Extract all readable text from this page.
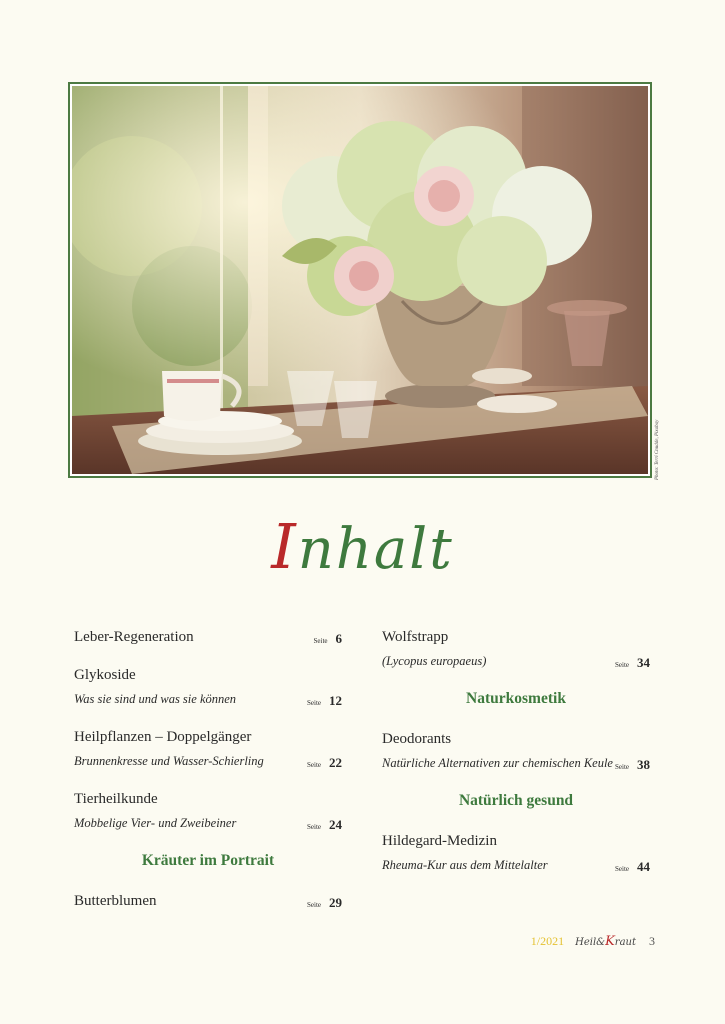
Photo: Terri Cnudde, Pixabay
Inhalt
Leber-Regeneration	Seite 6
Glykoside
Was sie sind und was sie können	Seite 12
Heilpflanzen – Doppelgänger
Brunnenkresse und Wasser-Schierling	Seite 22
Tierheilkunde
Mobbelige Vier- und Zweibeiner	Seite 24
Kräuter im Portrait
Butterblumen	Seite 29
Wolfstrapp
(Lycopus europaeus)	Seite 34
Naturkosmetik
Deodorants
Natürliche Alternativen zur chemischen Keule Seite 38
Natürlich gesund
Hildegard-Medizin
Rheuma-Kur aus dem Mittelalter	Seite 44
1/2021 Heil&Kraut 3
